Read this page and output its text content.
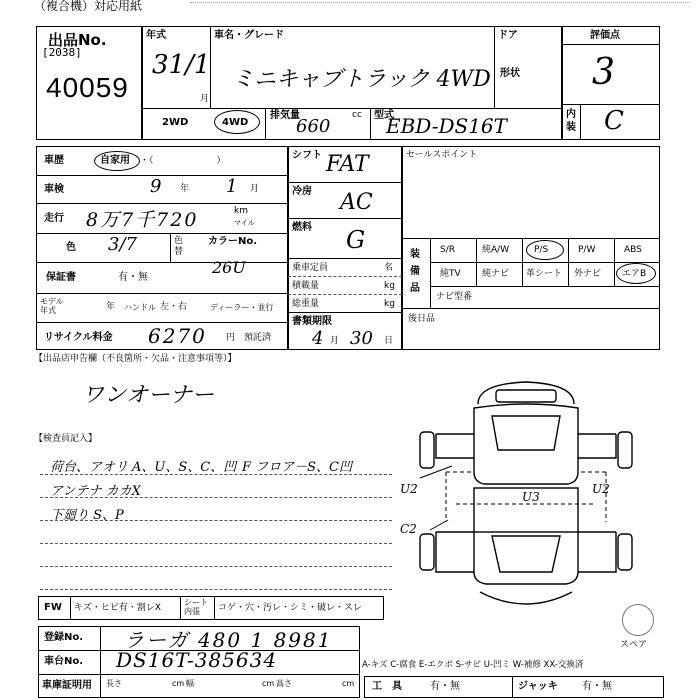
（複合機）対応用紙
出品No.
[2038]
40059
年式
31/1
月
車名・グレード
ミニキャブトラック 4WD
ドア
形状
2WD	4WD
排気量
660
cc 型式
EBD-DS16T
評価点
3
内装 C
車歴	自家用 ・（　　　　　　　）
車検	9 年 1 月
走行 8万7千720	km
マイル
色 3/7	色替
カラーNo.
26U
保証書	有・無
モデル年式	年 ハンドル 左・右	ディーラー・並行
リサイクル料金 6270 円 預託済
シフト FAT
冷房 AC
燃料 G
乗車定員	名
積載量	kg
総重量	kg
書類期限
4 月 30 日
セールスポイント
装備品
S/R	純A/W	P/S	P/W	ABS
純TV 純ナビ 革シート 外ナビ エアB
ナビ型番
後日品
【出品店申告欄（不良箇所・欠品・注意事項等）】
ワンオーナー
【検査員記入】
荷台、アオリ A、U、S、C、凹 F フロア－S、C凹
アンテナ カカX
下廻り S、P
FW キズ・ヒビ有・割レX
シート内張	コゲ・穴・汚レ・シミ・破レ・スレ
登録No. ラーガ 480 1 8981
車台No. DS16T-385634
車庫証明用 長さ	cm 幅	cm 高さ	cm
U2	U2
C2
U3
スペア
A-キズ C-腐食 E-エクボ S-サビ U-凹ミ W-補修 XX-交換済
工　具	有・無	ジャッキ 有・無
